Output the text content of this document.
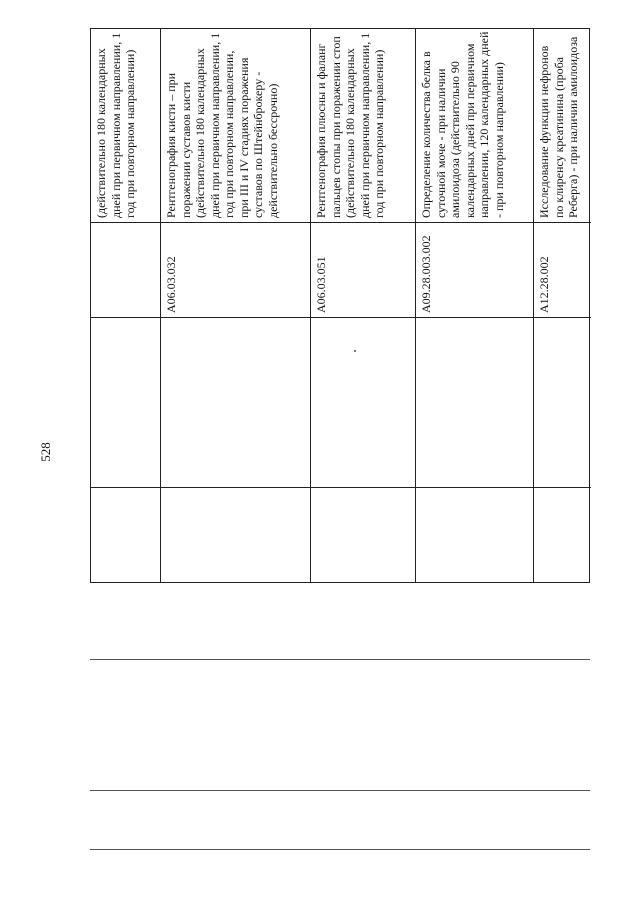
528
(действительно 180 календарных дней при первичном направлении, 1 год при повторном направлении)
A06.03.032
Рентгенография кисти – при поражении суставов кисти (действительно 180 календарных дней при первичном направлении, 1 год при повторном направлении, при III и IV стадиях поражения суставов по Штейнброкеру - действительно бессрочно)
A06.03.051
Рентгенография плюсны и фаланг пальцев стопы при поражении стоп (действительно 180 календарных дней при первичном направлении, 1 год при повторном направлении)
A09.28.003.002
Определение количества белка в суточной моче - при наличии амилоидоза (действительно 90 календарных дней при первичном направлении, 120 календарных дней - при повторном направлении)
A12.28.002
Исследование функции нефронов по клиренсу креатинина (проба Реберга) - при наличии амилоидоза
